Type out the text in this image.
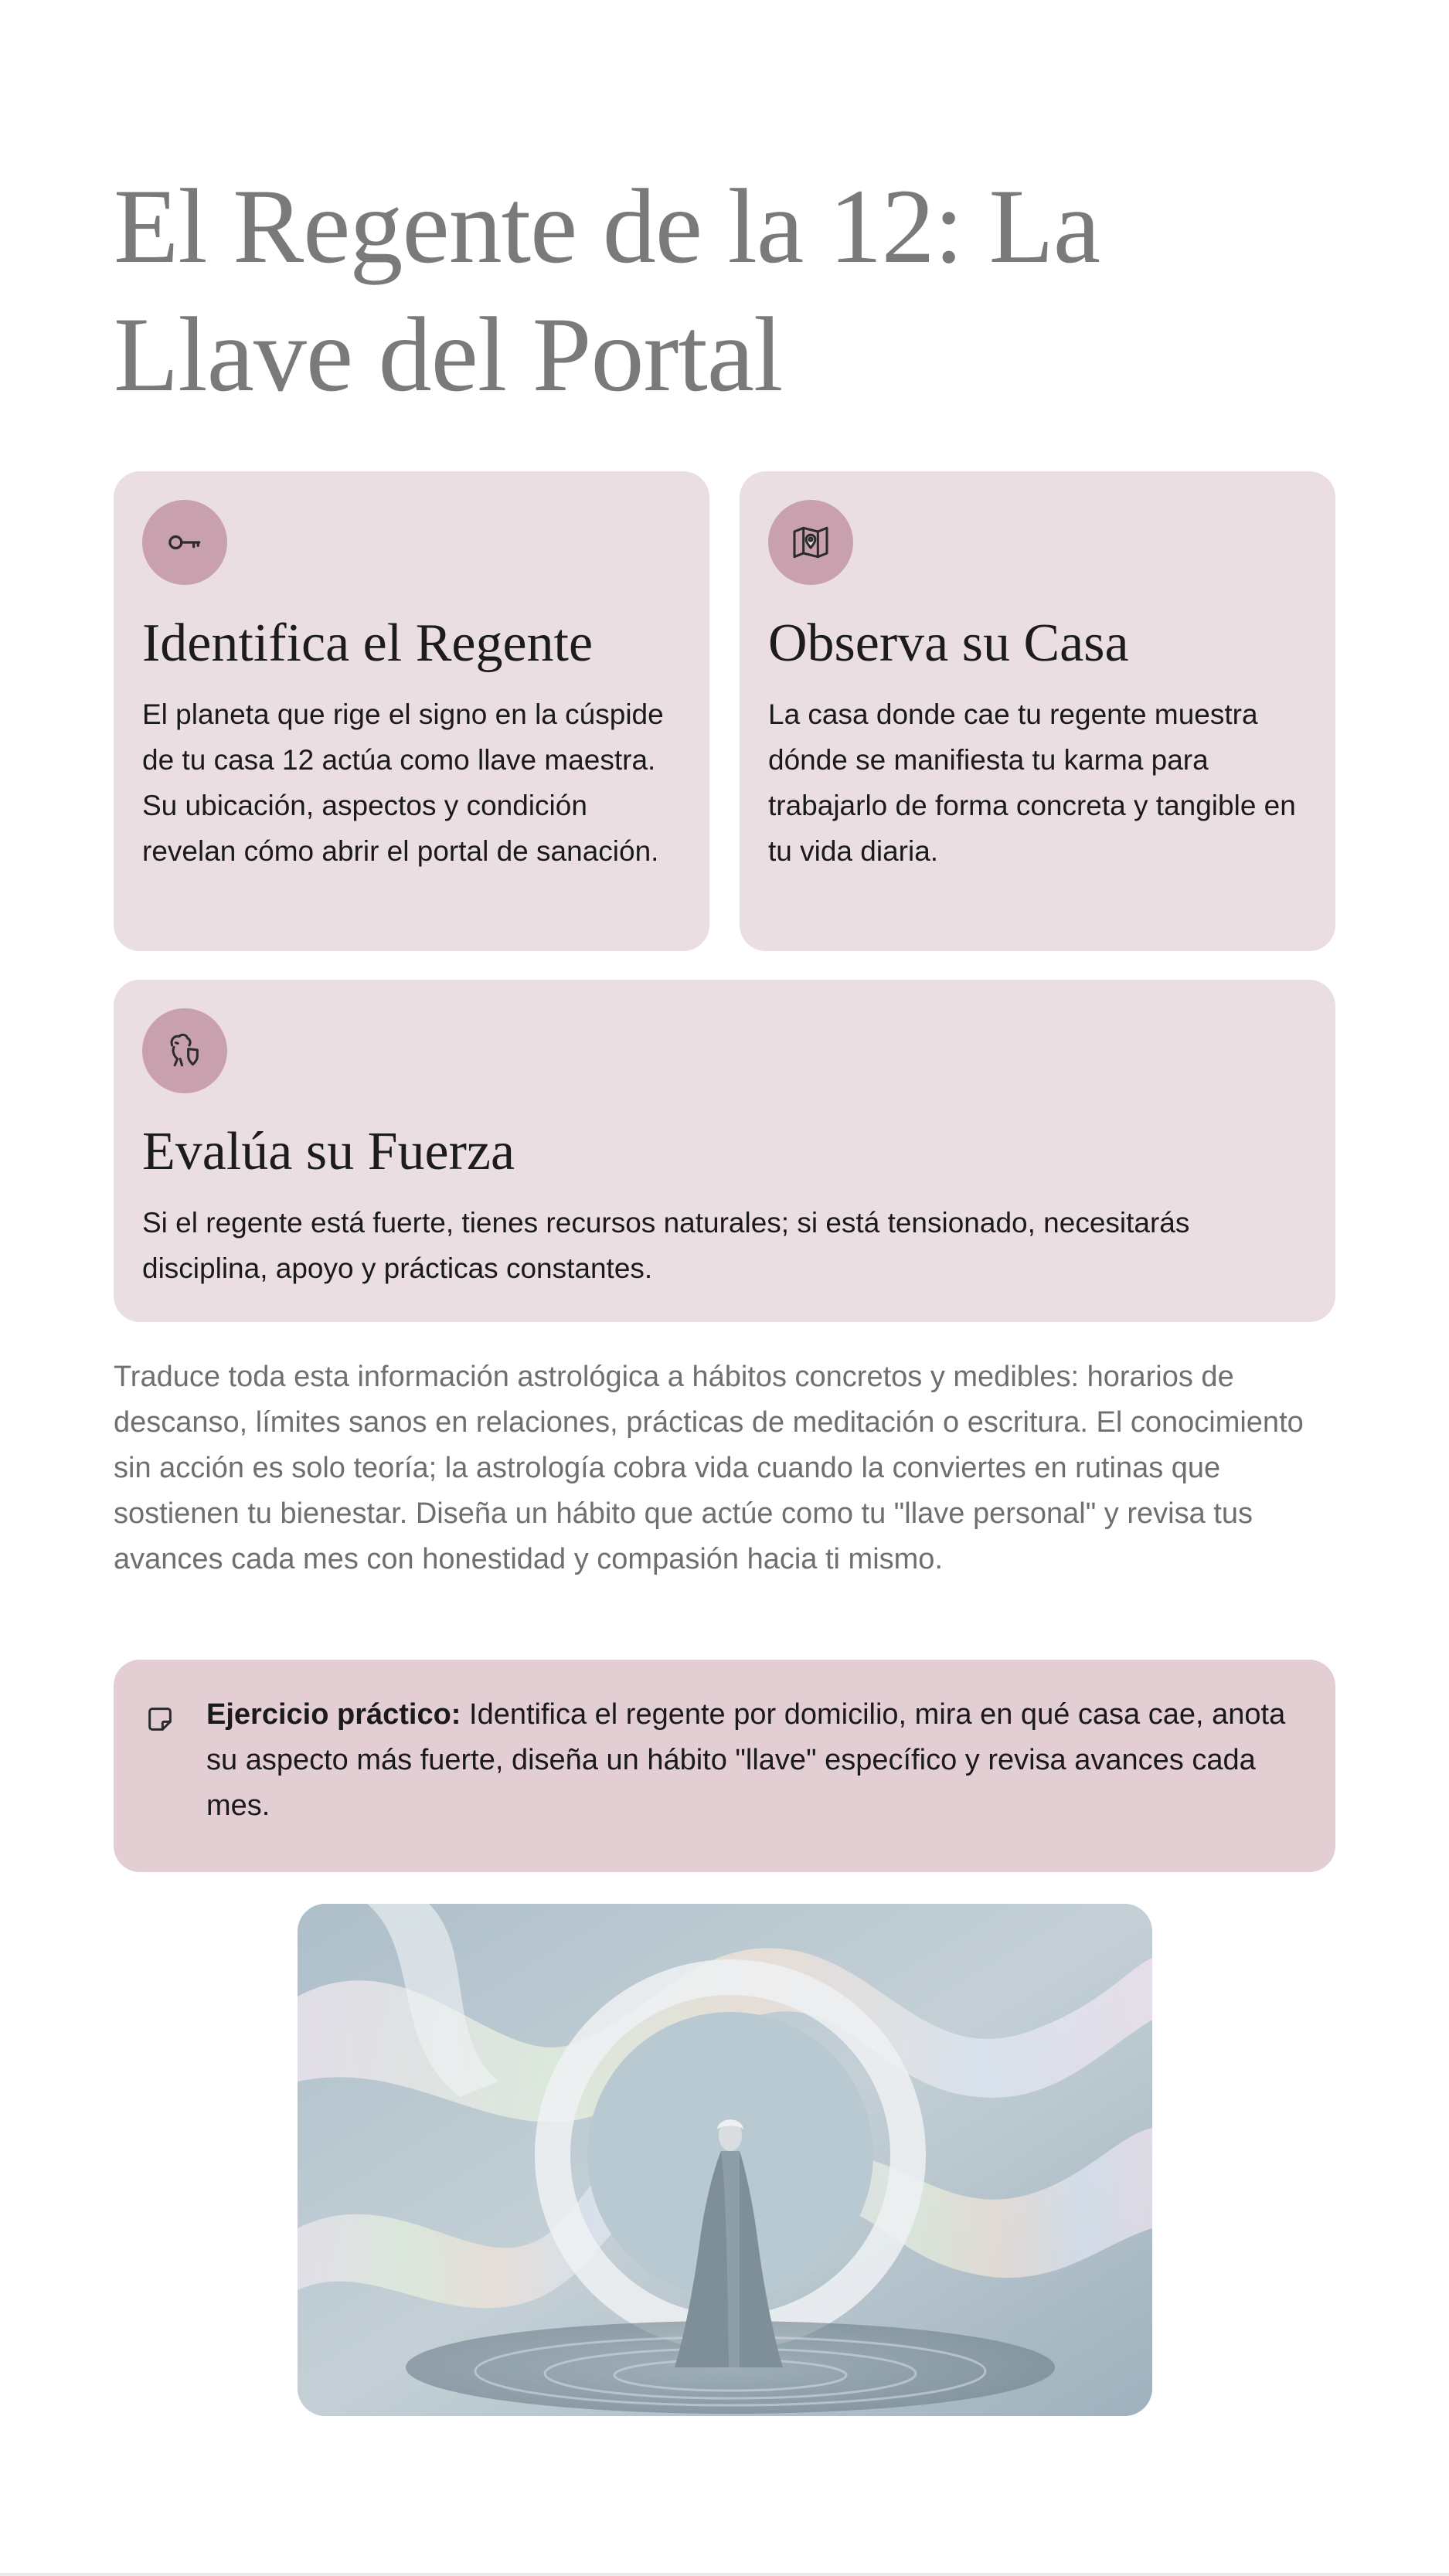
El Regente de la 12: La Llave del Portal
Identifica el Regente

El planeta que rige el signo en la cúspide de tu casa 12 actúa como llave maestra. Su ubicación, aspectos y condición revelan cómo abrir el portal de sanación.

Observa su Casa

La casa donde cae tu regente muestra dónde se manifiesta tu karma para trabajarlo de forma concreta y tangible en tu vida diaria.

Evalúa su Fuerza

Si el regente está fuerte, tienes recursos naturales; si está tensionado, necesitarás disciplina, apoyo y prácticas constantes.

Traduce toda esta información astrológica a hábitos concretos y medibles: horarios de descanso, límites sanos en relaciones, prácticas de meditación o escritura. El conocimiento sin acción es solo teoría; la astrología cobra vida cuando la conviertes en rutinas que sostienen tu bienestar. Diseña un hábito que actúe como tu "llave personal" y revisa tus avances cada mes con honestidad y compasión hacia ti mismo.

Ejercicio práctico: Identifica el regente por domicilio, mira en qué casa cae, anota su aspecto más fuerte, diseña un hábito "llave" específico y revisa avances cada mes.
